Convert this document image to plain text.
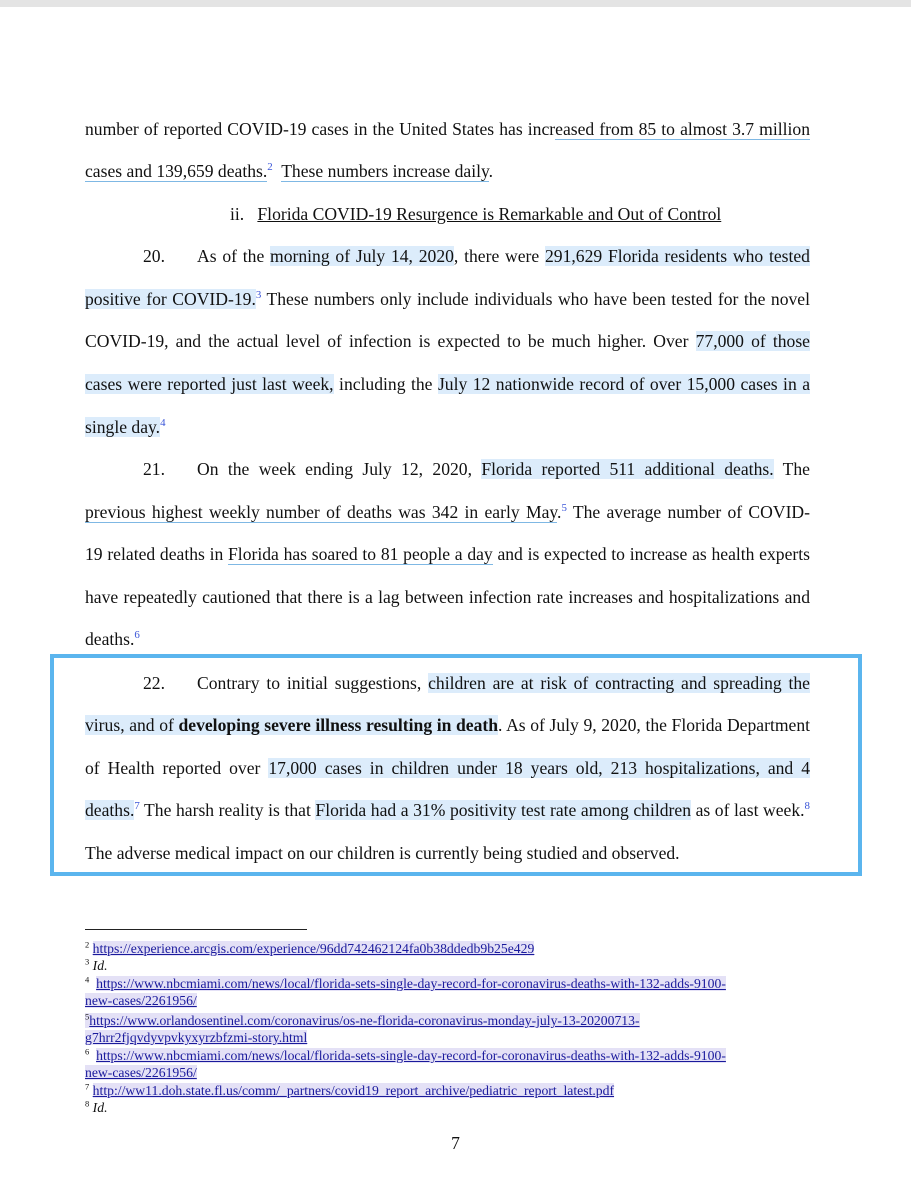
number of reported COVID-19 cases in the United States has increased from 85 to almost 3.7 million
cases and 139,659 deaths.$^2$ These numbers increase daily.
ii. Florida COVID-19 Resurgence is Remarkable and Out of Control
20. As of the morning of July 14, 2020, there were 291,629 Florida residents who tested
positive for COVID-19.$^3$ These numbers only include individuals who have been tested for the novel
COVID-19, and the actual level of infection is expected to be much higher. Over 77,000 of those
cases were reported just last week, including the July 12 nationwide record of over 15,000 cases in a
single day.$^4$
21. On the week ending July 12, 2020, Florida reported 511 additional deaths. The
previous highest weekly number of deaths was 342 in early May.$^5$ The average number of COVID-
19 related deaths in Florida has soared to 81 people a day and is expected to increase as health experts
have repeatedly cautioned that there is a lag between infection rate increases and hospitalizations and
deaths.$^6$
22. Contrary to initial suggestions, children are at risk of contracting and spreading the
virus, and of developing severe illness resulting in death. As of July 9, 2020, the Florida Department
of Health reported over 17,000 cases in children under 18 years old, 213 hospitalizations, and 4
deaths.$^7$ The harsh reality is that Florida had a 31% positivity test rate among children as of last week.$^8$
The adverse medical impact on our children is currently being studied and observed.
$^2$ https://experience.arcgis.com/experience/96dd742462124fa0b38ddedb9b25e429
$^3$ Id.
$^4$ https://www.nbcmiami.com/news/local/florida-sets-single-day-record-for-coronavirus-deaths-with-132-adds-9100-
new-cases/2261956/
$^5$https://www.orlandosentinel.com/coronavirus/os-ne-florida-coronavirus-monday-july-13-20200713-
g7hrr2fjqvdyvpvkyxyrzbfzmi-story.html
$^6$ https://www.nbcmiami.com/news/local/florida-sets-single-day-record-for-coronavirus-deaths-with-132-adds-9100-
new-cases/2261956/
$^7$ http://ww11.doh.state.fl.us/comm/_partners/covid19_report_archive/pediatric_report_latest.pdf
$^8$ Id.
7
